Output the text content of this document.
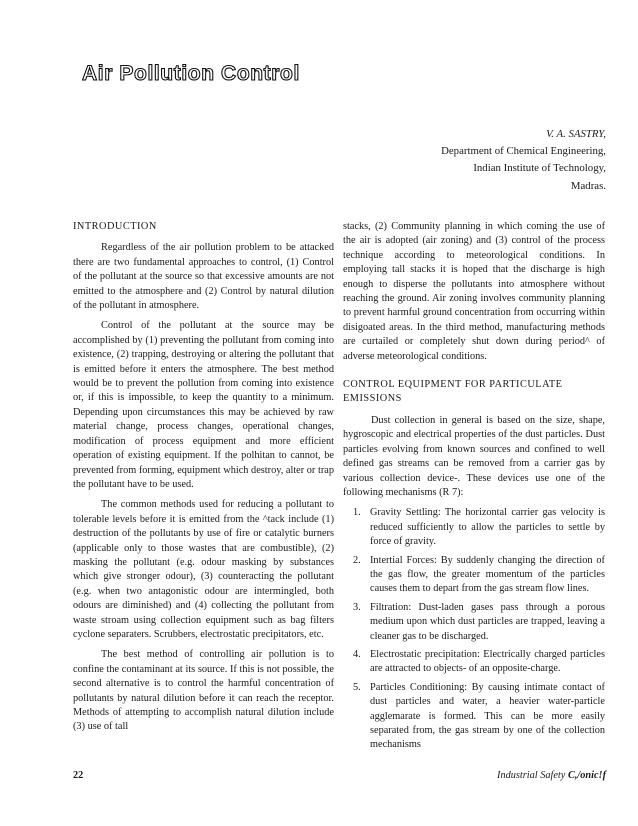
Air Pollution Control
V. A. SASTRY,
Department of Chemical Engineering,
Indian Institute of Technology,
Madras.
INTRODUCTION

Regardless of the air pollution problem to be attacked there are two fundamental approaches to control, (1) Control of the pollutant at the source so that excessive amounts are not emitted to the atmosphere and (2) Control by natural dilution of the pollutant in atmosphere.

Control of the pollutant at the source may be accomplished by (1) preventing the pollutant from coming into existence, (2) trapping, destroying or altering the pollutant that is emitted before it enters the atmosphere. The best method would be to prevent the pollution from coming into existence or, if this is impossible, to keep the quantity to a minimum. Depending upon circumstances this may be achieved by raw material change, process changes, operational changes, modification of process equipment and more efficient operation of existing equipment. If the polhitan to cannot, be prevented from forming, equipment which destroy, alter or trap the pollutant have to be used.

The common methods used for reducing a pollutant to tolerable levels before it is emitted from the ^tack include (1) destruction of the pollutants by use of fire or catalytic burners (applicable only to those wastes that are combustible), (2) masking the pollutant (e.g. odour masking by substances which give stronger odour), (3) counteracting the pollutant (e.g. when two antagonistic odour are intermingled, both odours are diminished) and (4) collecting the pollutant from waste stroam using collection equipment such as bag filters cyclone separaters. Scrubbers, electrostatic precipitators, etc.

The best method of controlling air pollution is to confine the contaminant at its source. If this is not possible, the second alternative is to control the harmful concentration of pollutants by natural dilution before it can reach the receptor. Methods of attempting to accomplish natural dilution include (3) use of tall

stacks, (2) Community planning in which coming the use of the air is adopted (air zoning) and (3) control of the process technique according to meteorological conditions. In employing tall stacks it is hoped that the discharge is high enough to disperse the pollutants into atmosphere without reaching the ground. Air zoning involves community planning to prevent harmful ground concentration from occurring within disigoated areas. In the third method, manufacturing methods are curtailed or completely shut down during period^ of adverse meteorological conditions.

CONTROL EQUIPMENT FOR PARTICULATE
EMISSIONS

Dust collection in general is based on the size, shape, hygroscopic and electrical properties of the dust particles. Dust particles evolving from known sources and confined to well defined gas streams can be removed from a carrier gas by various collection device-. These devices use one of the following mechanisms (R 7):

1. Gravity Settling: The horizontal carrier gas velocity is reduced sufficiently to allow the particles to settle by force of gravity.
2. Intertial Forces: By suddenly changing the direction of the gas flow, the greater momentum of the particles causes them to depart from the gas stream flow lines.
3. Filtration: Dust-laden gases pass through a porous medium upon which dust particles are trapped, leaving a cleaner gas to be discharged.
4. Electrostatic precipitation: Electrically charged particles are attracted to objects- of an opposite-charge.
5. Particles Conditioning: By causing intimate contact of dust particles and water, a heavier water-particle agglemarate is formed. This can be more easily separated from, the gas stream by one of the collection mechanisms
22	Industrial Safety C,/onic!f
